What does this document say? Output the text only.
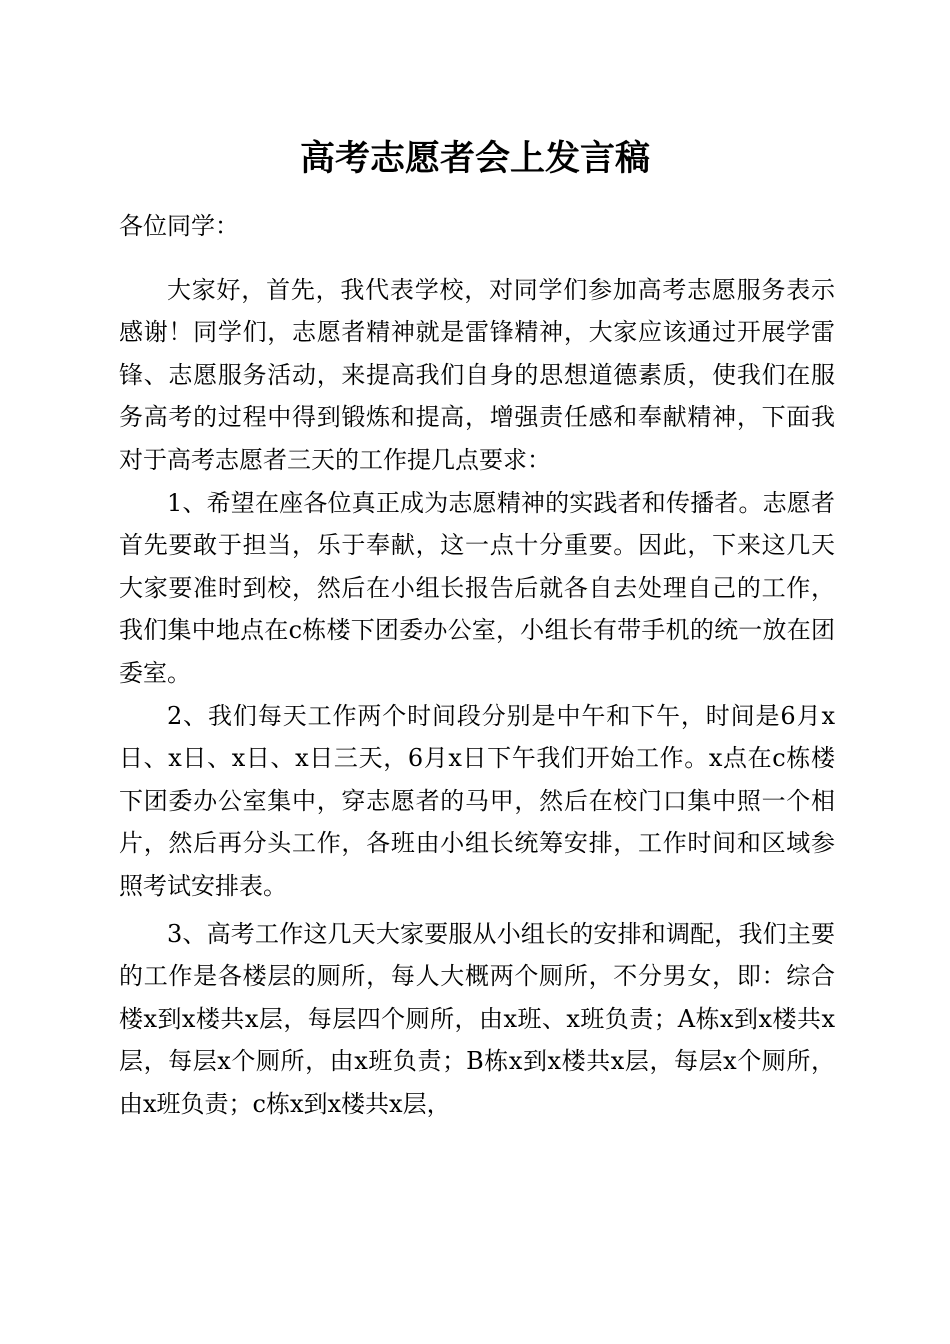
高考志愿者会上发言稿

各位同学：

大家好，首先，我代表学校，对同学们参加高考志愿服务表示感谢！同学们，志愿者精神就是雷锋精神，大家应该通过开展学雷锋、志愿服务活动，来提高我们自身的思想道德素质，使我们在服务高考的过程中得到锻炼和提高，增强责任感和奉献精神，下面我对于高考志愿者三天的工作提几点要求：

1、希望在座各位真正成为志愿精神的实践者和传播者。志愿者首先要敢于担当，乐于奉献，这一点十分重要。因此，下来这几天大家要准时到校，然后在小组长报告后就各自去处理自己的工作，我们集中地点在c栋楼下团委办公室，小组长有带手机的统一放在团委室。

2、我们每天工作两个时间段分别是中午和下午，时间是6月x日、x日、x日、x日三天，6月x日下午我们开始工作。x点在c栋楼下团委办公室集中，穿志愿者的马甲，然后在校门口集中照一个相片，然后再分头工作，各班由小组长统筹安排，工作时间和区域参照考试安排表。

3、高考工作这几天大家要服从小组长的安排和调配，我们主要的工作是各楼层的厕所，每人大概两个厕所，不分男女，即：综合楼x到x楼共x层，每层四个厕所，由x班、x班负责；A栋x到x楼共x层，每层x个厕所，由x班负责；B栋x到x楼共x层，每层x个厕所，由x班负责；c栋x到x楼共x层，
